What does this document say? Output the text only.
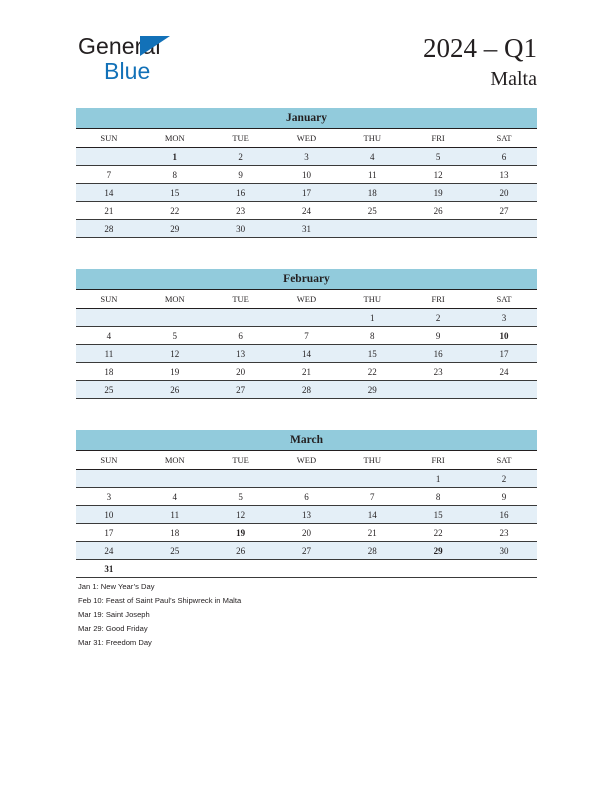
General
Blue
2024 – Q1
Malta
January
SUN	MON	TUE	WED	THU	FRI	SAT
	1	2	3	4	5	6
7	8	9	10	11	12	13
14	15	16	17	18	19	20
21	22	23	24	25	26	27
28	29	30	31			
February
SUN	MON	TUE	WED	THU	FRI	SAT
				1	2	3
4	5	6	7	8	9	10
11	12	13	14	15	16	17
18	19	20	21	22	23	24
25	26	27	28	29		
March
SUN	MON	TUE	WED	THU	FRI	SAT
					1	2
3	4	5	6	7	8	9
10	11	12	13	14	15	16
17	18	19	20	21	22	23
24	25	26	27	28	29	30
31						
Jan 1: New Year’s Day
Feb 10: Feast of Saint Paul’s Shipwreck in Malta
Mar 19: Saint Joseph
Mar 29: Good Friday
Mar 31: Freedom Day
